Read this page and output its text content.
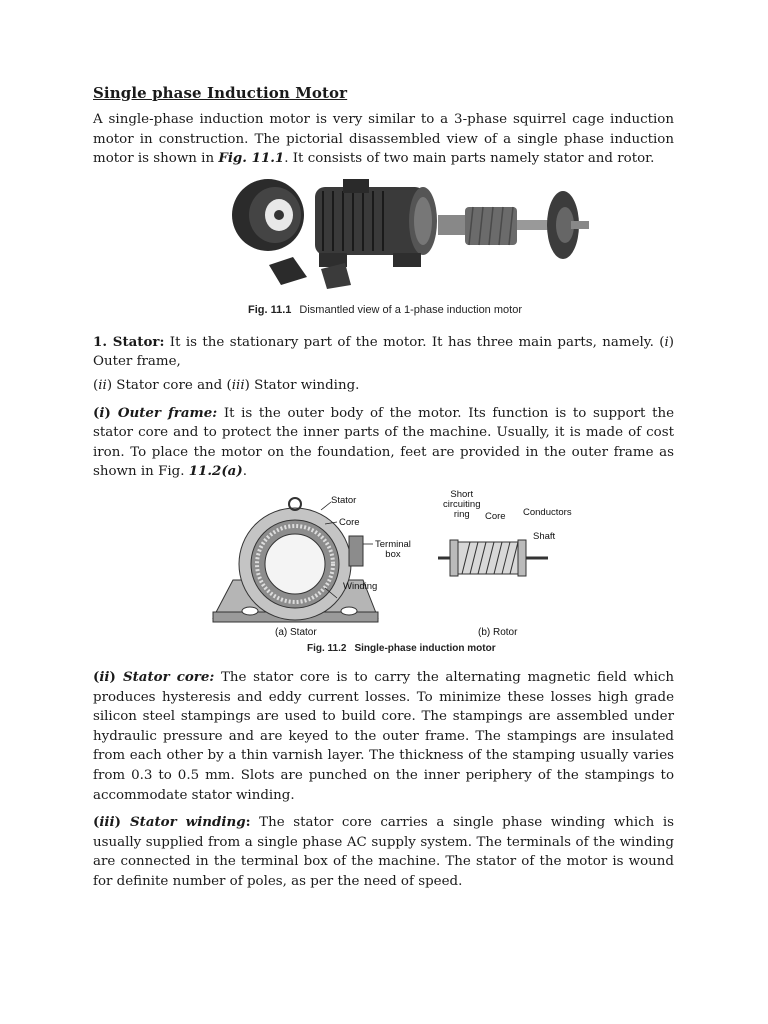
Single phase Induction Motor

A single-phase induction motor is very similar to a 3-phase squirrel cage induction motor in construction. The pictorial disassembled view of a single phase induction motor is shown in Fig. 11.1. It consists of two main parts namely stator and rotor.

Fig. 11.1 Dismantled view of a 1-phase induction motor

1. Stator: It is the stationary part of the motor. It has three main parts, namely. (i) Outer frame,

(ii) Stator core and (iii) Stator winding.

(i) Outer frame: It is the outer body of the motor. Its function is to support the stator core and to protect the inner parts of the machine. Usually, it is made of cost iron. To place the motor on the foundation, feet are provided in the outer frame as shown in Fig. 11.2(a).

Stator
Core
Terminal
box
Winding
Short
circuiting
ring	Core Conductors
Shaft
(a) Stator	(b) Rotor
Fig. 11.2 Single-phase induction motor

(ii) Stator core: The stator core is to carry the alternating magnetic field which produces hysteresis and eddy current losses. To minimize these losses high grade silicon steel stampings are used to build core. The stampings are assembled under hydraulic pressure and are keyed to the outer frame. The stampings are insulated from each other by a thin varnish layer. The thickness of the stamping usually varies from 0.3 to 0.5 mm. Slots are punched on the inner periphery of the stampings to accommodate stator winding.

(iii) Stator winding: The stator core carries a single phase winding which is usually supplied from a single phase AC supply system. The terminals of the winding are connected in the terminal box of the machine. The stator of the motor is wound for definite number of poles, as per the need of speed.
